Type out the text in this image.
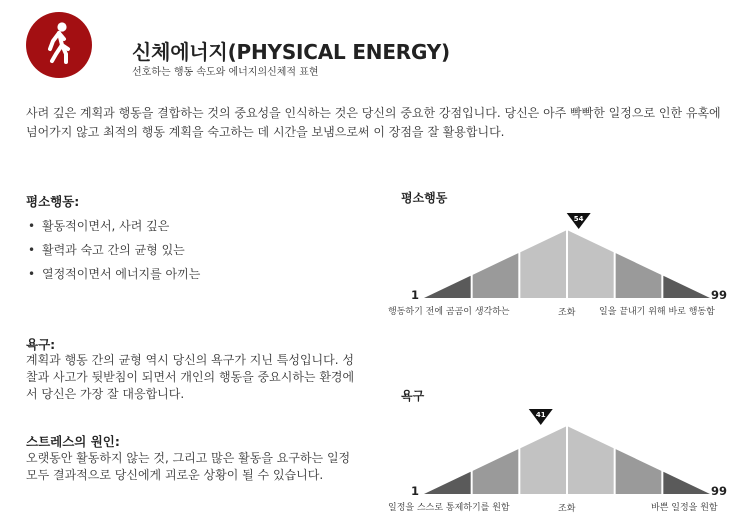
신체에너지(PHYSICAL ENERGY)
선호하는 행동 속도와 에너지의신체적 표현
사려 깊은 계획과 행동을 결합하는 것의 중요성을 인식하는 것은 당신의 중요한 강점입니다. 당신은 아주 빡빡한 일정으로 인한 유혹에 넘어가지 않고 최적의 행동 계획을 숙고하는 데 시간을 보냄으로써 이 장점을 잘 활용합니다.
평소행동:
• 활동적이면서, 사려 깊은
• 활력과 숙고 간의 균형 있는
• 열정적이면서 에너지를 아끼는
욕구:
계획과 행동 간의 균형 역시 당신의 욕구가 지닌 특성입니다. 성찰과 사고가 뒷받침이 되면서 개인의 행동을 중요시하는 환경에서 당신은 가장 잘 대응합니다.
스트레스의 원인:
오랫동안 활동하지 않는 것, 그리고 많은 활동을 요구하는 일정 모두 결과적으로 당신에게 괴로운 상황이 될 수 있습니다.
평소행동
54
1	99
행동하기 전에 곰곰이 생각하는	조화	일을 끝내기 위해 바로 행동함
욕구
41
1	99
일정을 스스로 통제하기를 원함	조화	바쁜 일정을 원함
